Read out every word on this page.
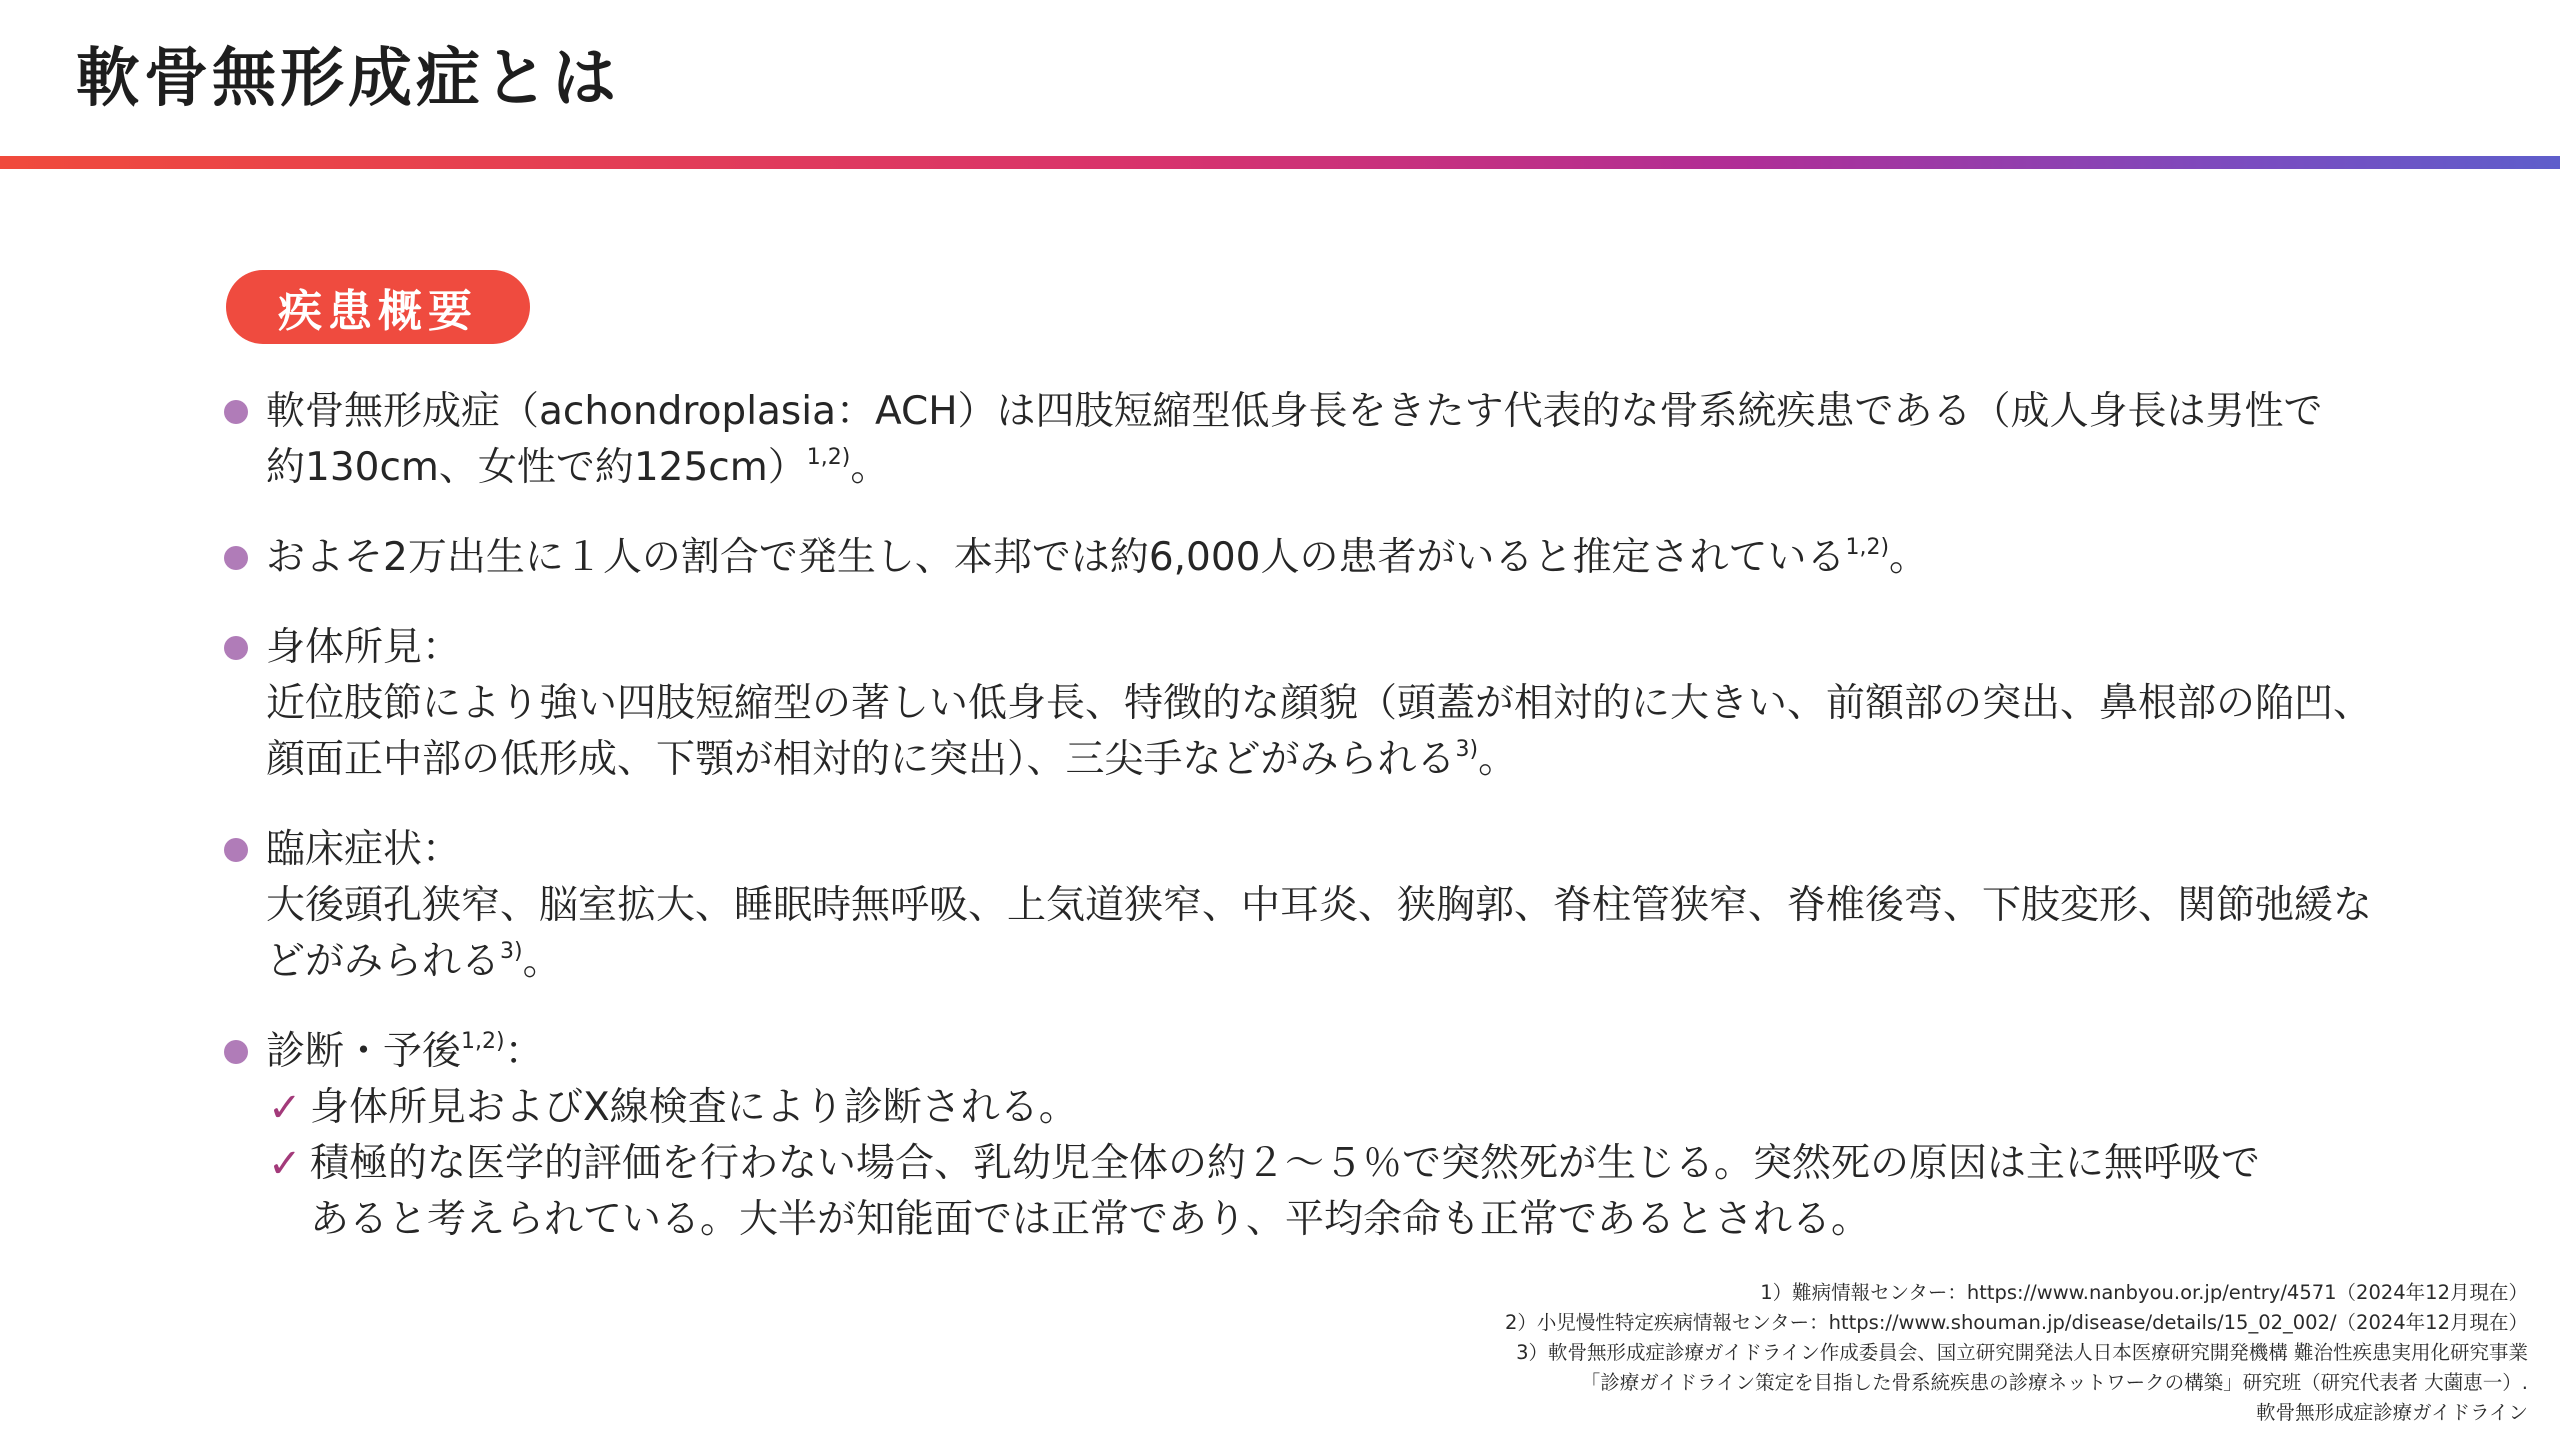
軟骨無形成症とは
疾患概要
軟骨無形成症（achondroplasia：ACH）は四肢短縮型低身長をきたす代表的な骨系統疾患である（成人身長は男性で
約130cm、女性で約125cm）$^{1,2)}$。
およそ2万出生に１人の割合で発生し、本邦では約6,000人の患者がいると推定されている$^{1,2)}$。
身体所見：
近位肢節により強い四肢短縮型の著しい低身長、特徴的な顔貌（頭蓋が相対的に大きい、前額部の突出、鼻根部の陥凹、
顔面正中部の低形成、下顎が相対的に突出）、三尖手などがみられる$^{3)}$。
臨床症状：
大後頭孔狭窄、脳室拡大、睡眠時無呼吸、上気道狭窄、中耳炎、狭胸郭、脊柱管狭窄、脊椎後弯、下肢変形、関節弛緩な
どがみられる$^{3)}$。
診断・予後$^{1,2)}$：
✓ 身体所見およびX線検査により診断される。
✓ 積極的な医学的評価を行わない場合、乳幼児全体の約２～５％で突然死が生じる。突然死の原因は主に無呼吸で
あると考えられている。大半が知能面では正常であり、平均余命も正常であるとされる。
1）難病情報センター：https://www.nanbyou.or.jp/entry/4571（2024年12月現在）
2）小児慢性特定疾病情報センター：https://www.shouman.jp/disease/details/15_02_002/（2024年12月現在）
3）軟骨無形成症診療ガイドライン作成委員会、国立研究開発法人日本医療研究開発機構 難治性疾患実用化研究事業
「診療ガイドライン策定を目指した骨系統疾患の診療ネットワークの構築」研究班（研究代表者 大薗恵一）.
軟骨無形成症診療ガイドライン
